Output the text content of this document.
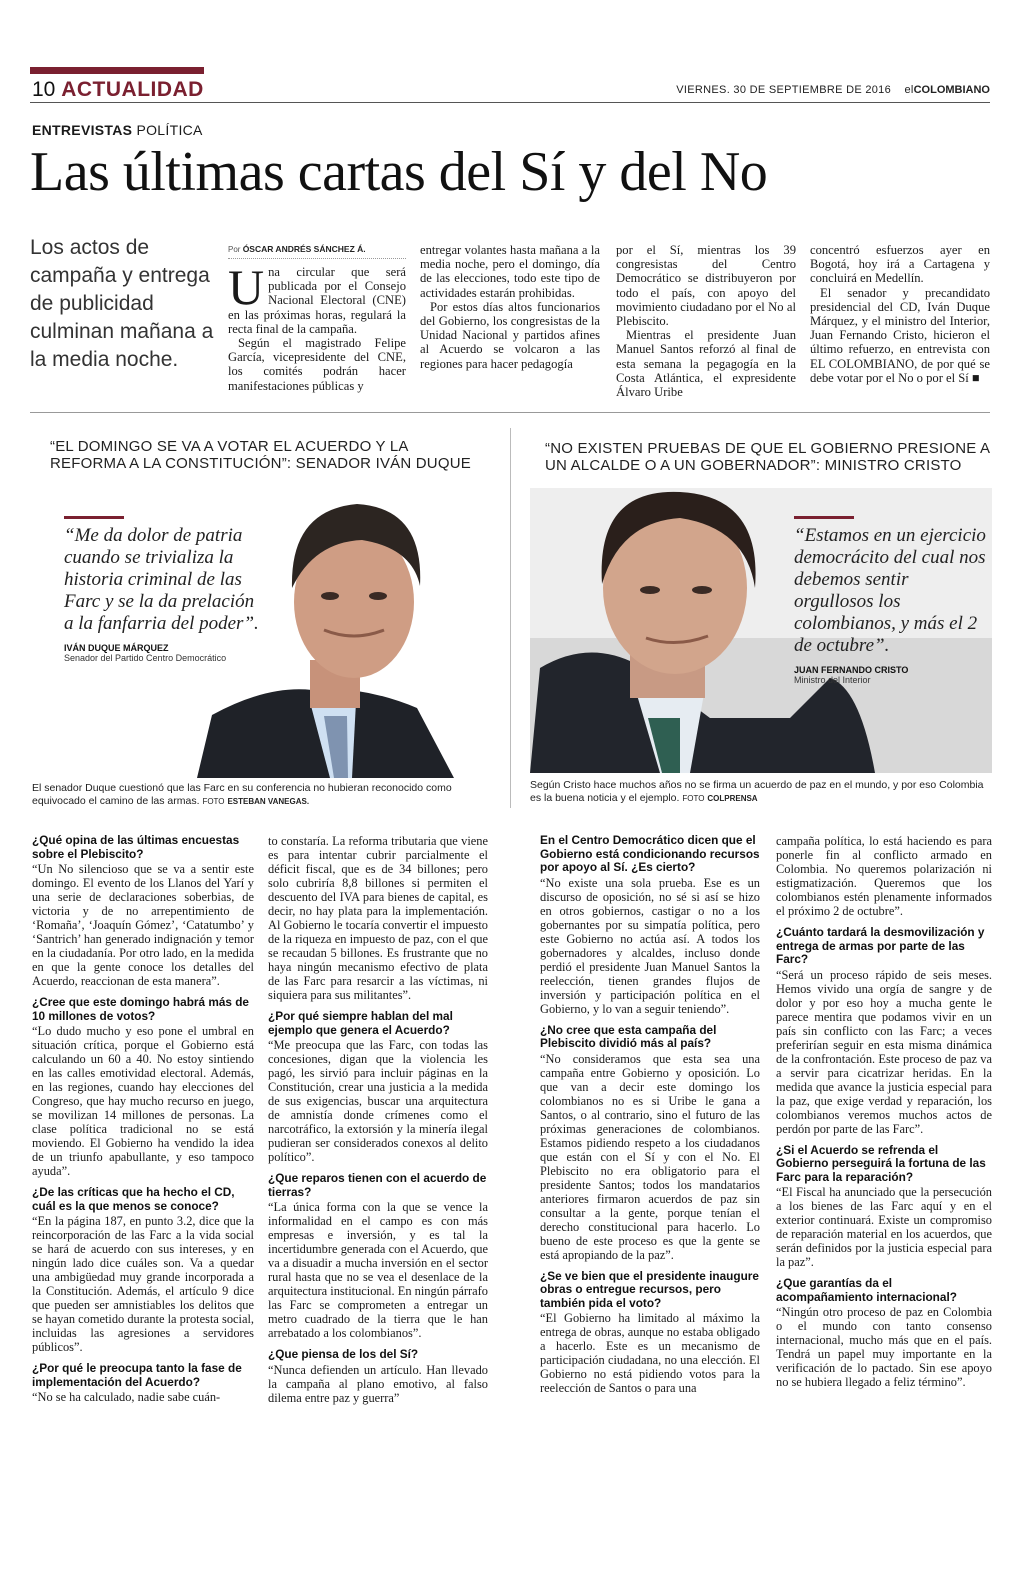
10 ACTUALIDAD	VIERNES. 30 DE SEPTIEMBRE DE 2016 elCOLOMBIANO
ENTREVISTAS POLÍTICA
Las últimas cartas del Sí y del No
Los actos de campaña y entrega de publicidad culminan mañana a la media noche.
Por ÓSCAR ANDRÉS SÁNCHEZ Á.
U na circular que será publicada por el Consejo Nacional Electoral (CNE) en las próximas horas, regulará la recta final de la campaña.

Según el magistrado Felipe García, vicepresidente del CNE, los comités podrán hacer manifestaciones públicas y

entregar volantes hasta mañana a la media noche, pero el domingo, día de las elecciones, todo este tipo de actividades estarán prohibidas.

Por estos días altos funcionarios del Gobierno, los congresistas de la Unidad Nacional y partidos afines al Acuerdo se volcaron a las regiones para hacer pedagogía

por el Sí, mientras los 39 congresistas del Centro Democrático se distribuyeron por todo el país, con apoyo del movimiento ciudadano por el No al Plebiscito.

Mientras el presidente Juan Manuel Santos reforzó al final de esta semana la pegagogía en la Costa Atlántica, el expresidente Álvaro Uribe

concentró esfuerzos ayer en Bogotá, hoy irá a Cartagena y concluirá en Medellín.

El senador y precandidato presidencial del CD, Iván Duque Márquez, y el ministro del Interior, Juan Fernando Cristo, hicieron el último refuerzo, en entrevista con EL COLOMBIANO, de por qué se debe votar por el No o por el Sí ■

“EL DOMINGO SE VA A VOTAR EL ACUERDO Y LA REFORMA A LA CONSTITUCIÓN”: SENADOR IVÁN DUQUE
“Me da dolor de patria cuando se trivializa la historia criminal de las Farc y se la da prelación a la fanfarria del poder”.
IVÁN DUQUE MÁRQUEZ
Senador del Partido Centro Democrático
El senador Duque cuestionó que las Farc en su conferencia no hubieran reconocido como equivocado el camino de las armas. FOTO ESTEBAN VANEGAS.
“NO EXISTEN PRUEBAS DE QUE EL GOBIERNO PRESIONE A UN ALCALDE O A UN GOBERNADOR”: MINISTRO CRISTO
“Estamos en un ejercicio democrácito del cual nos debemos sentir orgullosos los colombianos, y más el 2 de octubre”.
JUAN FERNANDO CRISTO
Ministro del Interior
Según Cristo hace muchos años no se firma un acuerdo de paz en el mundo, y por eso Colombia es la buena noticia y el ejemplo. FOTO COLPRENSA
¿Qué opina de las últimas encuestas sobre el Plebiscito?

“Un No silencioso que se va a sentir este domingo. El evento de los Llanos del Yarí y una serie de declaraciones soberbias, de victoria y de no arrepentimiento de ‘Romaña’, ‘Joaquín Gómez’, ‘Catatumbo’ y ‘Santrich’ han generado indignación y temor en la ciudadanía. Por otro lado, en la medida en que la gente conoce los detalles del Acuerdo, reaccionan de esta manera”.

¿Cree que este domingo habrá más de 10 millones de votos?

“Lo dudo mucho y eso pone el umbral en situación crítica, porque el Gobierno está calculando un 60 a 40. No estoy sintiendo en las calles emotividad electoral. Además, en las regiones, cuando hay elecciones del Congreso, que hay mucho recurso en juego, se movilizan 14 millones de personas. La clase política tradicional no se está moviendo. El Gobierno ha vendido la idea de un triunfo apabullante, y eso tampoco ayuda”.

¿De las críticas que ha hecho el CD, cuál es la que menos se conoce?

“En la página 187, en punto 3.2, dice que la reincorporación de las Farc a la vida social se hará de acuerdo con sus intereses, y en ningún lado dice cuáles son. Va a quedar una ambigüedad muy grande incorporada a la Constitución. Además, el artículo 9 dice que pueden ser amnistiables los delitos que se hayan cometido durante la protesta social, incluidas las agresiones a servidores públicos”.

¿Por qué le preocupa tanto la fase de implementación del Acuerdo?

“No se ha calculado, nadie sabe cuán-

to constaría. La reforma tributaria que viene es para intentar cubrir parcialmente el déficit fiscal, que es de 34 billones; pero solo cubriría 8,8 billones si permiten el descuento del IVA para bienes de capital, es decir, no hay plata para la implementación. Al Gobierno le tocaría convertir el impuesto de la riqueza en impuesto de paz, con el que se recaudan 5 billones. Es frustrante que no haya ningún mecanismo efectivo de plata de las Farc para resarcir a las víctimas, ni siquiera para sus militantes”.

¿Por qué siempre hablan del mal ejemplo que genera el Acuerdo?

“Me preocupa que las Farc, con todas las concesiones, digan que la violencia les pagó, les sirvió para incluir páginas en la Constitución, crear una justicia a la medida de sus exigencias, buscar una arquitectura de amnistía donde crímenes como el narcotráfico, la extorsión y la minería ilegal pudieran ser considerados conexos al delito político”.

¿Que reparos tienen con el acuerdo de tierras?

“La única forma con la que se vence la informalidad en el campo es con más empresas e inversión, y es tal la incertidumbre generada con el Acuerdo, que va a disuadir a mucha inversión en el sector rural hasta que no se vea el desenlace de la arquitectura institucional. En ningún párrafo las Farc se comprometen a entregar un metro cuadrado de la tierra que le han arrebatado a los colombianos”.

¿Que piensa de los del Sí?

“Nunca defienden un artículo. Han llevado la campaña al plano emotivo, al falso dilema entre paz y guerra”

En el Centro Democrático dicen que el Gobierno está condicionando recursos por apoyo al Sí. ¿Es cierto?

“No existe una sola prueba. Ese es un discurso de oposición, no sé si así se hizo en otros gobiernos, castigar o no a los gobernantes por su simpatía política, pero este Gobierno no actúa así. A todos los gobernadores y alcaldes, incluso donde perdió el presidente Juan Manuel Santos la reelección, tienen grandes flujos de inversión y participación política en el Gobierno, y lo van a seguir teniendo”.

¿No cree que esta campaña del Plebiscito dividió más al país?

“No consideramos que esta sea una campaña entre Gobierno y oposición. Lo que van a decir este domingo los colombianos no es si Uribe le gana a Santos, o al contrario, sino el futuro de las próximas generaciones de colombianos. Estamos pidiendo respeto a los ciudadanos que están con el Sí y con el No. El Plebiscito no era obligatorio para el presidente Santos; todos los mandatarios anteriores firmaron acuerdos de paz sin consultar a la gente, porque tenían el derecho constitucional para hacerlo. Lo bueno de este proceso es que la gente se está apropiando de la paz”.

¿Se ve bien que el presidente inaugure obras o entregue recursos, pero también pida el voto?

“El Gobierno ha limitado al máximo la entrega de obras, aunque no estaba obligado a hacerlo. Este es un mecanismo de participación ciudadana, no una elección. El Gobierno no está pidiendo votos para la reelección de Santos o para una

campaña política, lo está haciendo es para ponerle fin al conflicto armado en Colombia. No queremos polarización ni estigmatización. Queremos que los colombianos estén plenamente informados el próximo 2 de octubre”.

¿Cuánto tardará la desmovilización y entrega de armas por parte de las Farc?

“Será un proceso rápido de seis meses. Hemos vivido una orgía de sangre y de dolor y por eso hoy a mucha gente le parece mentira que podamos vivir en un país sin conflicto con las Farc; a veces preferirían seguir en esta misma dinámica de la confrontación. Este proceso de paz va a servir para cicatrizar heridas. En la medida que avance la justicia especial para la paz, que exige verdad y reparación, los colombianos veremos muchos actos de perdón por parte de las Farc”.

¿Si el Acuerdo se refrenda el Gobierno perseguirá la fortuna de las Farc para la reparación?

“El Fiscal ha anunciado que la persecución a los bienes de las Farc aquí y en el exterior continuará. Existe un compromiso de reparación material en los acuerdos, que serán definidos por la justicia especial para la paz”.

¿Que garantías da el acompañamiento internacional?

“Ningún otro proceso de paz en Colombia o el mundo con tanto consenso internacional, mucho más que en el país. Tendrá un papel muy importante en la verificación de lo pactado. Sin ese apoyo no se hubiera llegado a feliz término”.
